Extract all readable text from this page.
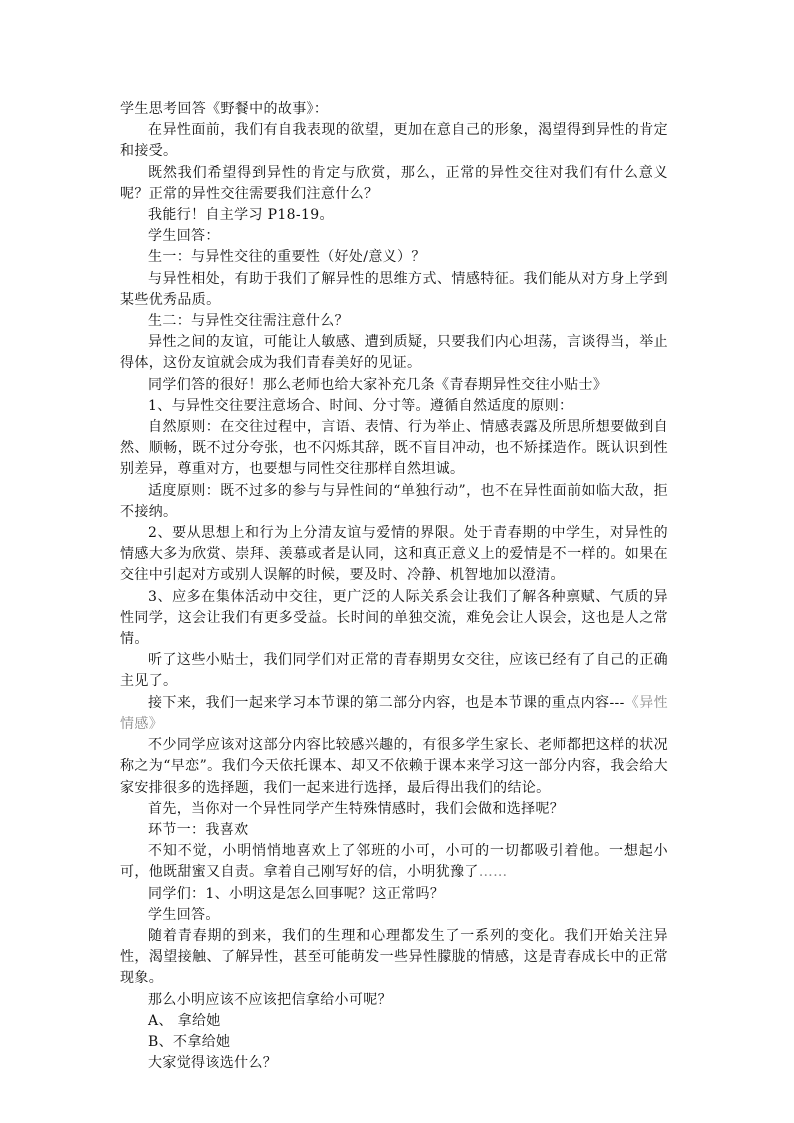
学生思考回答《野餐中的故事》：

在异性面前，我们有自我表现的欲望，更加在意自己的形象，渴望得到异性的肯定和接受。

既然我们希望得到异性的肯定与欣赏，那么，正常的异性交往对我们有什么意义呢？正常的异性交往需要我们注意什么？

我能行！自主学习 P18-19。

学生回答：

生一：与异性交往的重要性（好处/意义）？

与异性相处，有助于我们了解异性的思维方式、情感特征。我们能从对方身上学到某些优秀品质。

生二：与异性交往需注意什么？

异性之间的友谊，可能让人敏感、遭到质疑，只要我们内心坦荡，言谈得当，举止得体，这份友谊就会成为我们青春美好的见证。

同学们答的很好！那么老师也给大家补充几条《青春期异性交往小贴士》

1、与异性交往要注意场合、时间、分寸等。遵循自然适度的原则：

自然原则：在交往过程中，言语、表情、行为举止、情感表露及所思所想要做到自然、顺畅，既不过分夸张，也不闪烁其辞，既不盲目冲动，也不矫揉造作。既认识到性别差异，尊重对方，也要想与同性交往那样自然坦诚。

适度原则：既不过多的参与与异性间的“单独行动”，也不在异性面前如临大敌，拒不接纳。

2、要从思想上和行为上分清友谊与爱情的界限。处于青春期的中学生，对异性的情感大多为欣赏、崇拜、羡慕或者是认同，这和真正意义上的爱情是不一样的。如果在交往中引起对方或别人误解的时候，要及时、冷静、机智地加以澄清。

3、应多在集体活动中交往，更广泛的人际关系会让我们了解各种禀赋、气质的异性同学，这会让我们有更多受益。长时间的单独交流，难免会让人误会，这也是人之常情。

听了这些小贴士，我们同学们对正常的青春期男女交往，应该已经有了自己的正确主见了。

接下来，我们一起来学习本节课的第二部分内容，也是本节课的重点内容---《异性情感》

不少同学应该对这部分内容比较感兴趣的，有很多学生家长、老师都把这样的状况称之为“早恋”。我们今天依托课本、却又不依赖于课本来学习这一部分内容，我会给大家安排很多的选择题，我们一起来进行选择，最后得出我们的结论。

首先，当你对一个异性同学产生特殊情感时，我们会做和选择呢？

环节一：我喜欢

不知不觉，小明悄悄地喜欢上了邻班的小可，小可的一切都吸引着他。一想起小可，他既甜蜜又自责。拿着自己刚写好的信，小明犹豫了……

同学们：1、小明这是怎么回事呢？这正常吗？

学生回答。

随着青春期的到来，我们的生理和心理都发生了一系列的变化。我们开始关注异性，渴望接触、了解异性，甚至可能萌发一些异性朦胧的情感，这是青春成长中的正常现象。

那么小明应该不应该把信拿给小可呢？

A、 拿给她

B、不拿给她

大家觉得该选什么？
